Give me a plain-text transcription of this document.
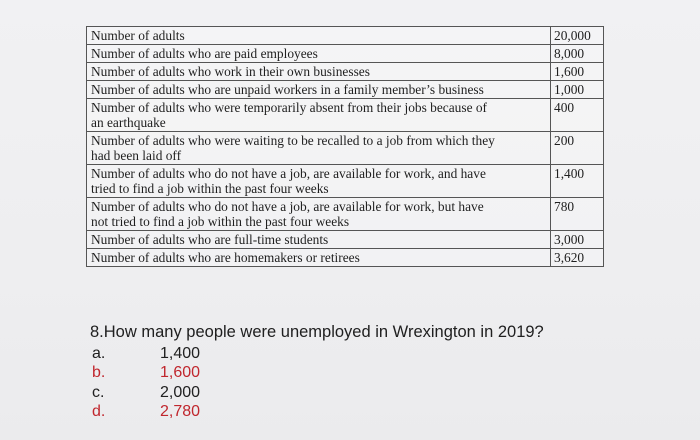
Number of adults	20,000

Number of adults who are paid employees	8,000

Number of adults who work in their own businesses	1,600

Number of adults who are unpaid workers in a family member’s business	1,000

Number of adults who were temporarily absent from their jobs because of
an earthquake	400

Number of adults who were waiting to be recalled to a job from which they
had been laid off	200

Number of adults who do not have a job, are available for work, and have
tried to find a job within the past four weeks	1,400

Number of adults who do not have a job, are available for work, but have
not tried to find a job within the past four weeks	780

Number of adults who are full-time students	3,000

Number of adults who are homemakers or retirees	3,620
8.How many people were unemployed in Wrexington in 2019?
a.	1,400
b.	1,600
c.	2,000
d.	2,780
